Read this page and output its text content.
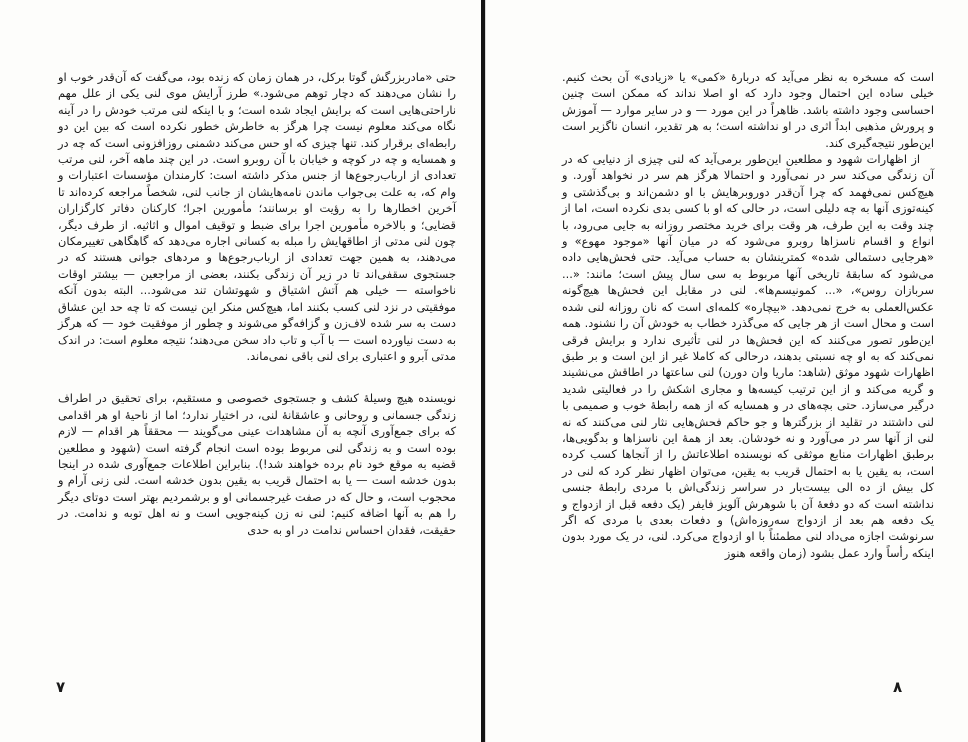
حتی «مادربزرگش گوتا برکل، در همان زمان که زنده بود، می‌گفت که آن‌قدر خوب او را نشان می‌دهند که دچار توهم می‌شود.» طرز آرایش موی لنی یکی از علل مهم ناراحتی‌هایی است که برایش ایجاد شده است؛ و با اینکه لنی مرتب خودش را در آینه نگاه می‌کند معلوم نیست چرا هرگز به خاطرش خطور نکرده است که بین این دو رابطه‌ای برقرار کند. تنها چیزی که او حس می‌کند دشمنی روزافزونی است که چه در و همسایه و چه در کوچه و خیابان با آن روبرو است. در این چند ماهه آخر، لنی مرتب تعدادی از ارباب‌رجوع‌ها از جنس مذکر داشته است: کارمندان مؤسسات اعتبارات و وام که، به علت بی‌جواب ماندن نامه‌هایشان از جانب لنی، شخصاً مراجعه کرده‌اند تا آخرین اخطارها را به رؤیت او برسانند؛ مأمورین اجرا؛ کارکنان دفاتر کارگزاران قضایی؛ و بالاخره مأمورین اجرا برای ضبط و توقیف اموال و اثاثیه. از طرف دیگر، چون لنی مدتی از اطاقهایش را مبله به کسانی اجاره می‌دهد که گاهگاهی تغییرمکان می‌دهند، به همین جهت تعدادی از ارباب‌رجوع‌ها و مردهای جوانی هستند که در جستجوی سقفی‌اند تا در زیر آن زندگی بکنند، بعضی از مراجعین — بیشتر اوقات ناخواسته — خیلی هم آتش اشتیاق و شهوتشان تند می‌شود... البته بدون آنکه موفقیتی در نزد لنی کسب بکنند اما، هیچ‌کس منکر این نیست که تا چه حد این عشاق دست به سر شده لاف‌زن و گزافه‌گو می‌شوند و چطور از موفقیت خود — که هرگز به دست نیاورده است — با آب و تاب داد سخن می‌دهند؛ نتیجه معلوم است: در اندک مدتی آبرو و اعتباری برای لنی باقی نمی‌ماند.

نویسنده هیچ وسیلهٔ کشف و جستجوی خصوصی و مستقیم، برای تحقیق در اطراف زندگی جسمانی و روحانی و عاشقانهٔ لنی، در اختیار ندارد؛ اما از ناحیهٔ او هر اقدامی که برای جمع‌آوری آنچه به آن مشاهدات عینی می‌گویند — محققاً هر اقدام — لازم بوده است و به زندگی لنی مربوط بوده است انجام گرفته است (شهود و مطلعین قضیه به موقع خود نام برده خواهند شد!). بنابراین اطلاعات جمع‌آوری شده در اینجا بدون خدشه است — یا به احتمال قریب به یقین بدون خدشه است. لنی زنی آرام و محجوب است، و حال که در صفت غیرجسمانی او و برشمردیم بهتر است دوتای دیگر را هم به آنها اضافه کنیم: لنی نه زن کینه‌جویی است و نه اهل توبه و ندامت. در حقیقت، فقدان احساس ندامت در او به حدی

۷

است که مسخره به نظر می‌آید که دربارهٔ «کمی» یا «زیادی» آن بحث کنیم. خیلی ساده این احتمال وجود دارد که او اصلا نداند که ممکن است چنین احساسی وجود داشته باشد. ظاهراً در این مورد — و در سایر موارد — آموزش و پرورش مذهبی ابداً اثری در او نداشته است؛ به هر تقدیر، انسان ناگزیر است این‌طور نتیجه‌گیری کند.

از اظهارات شهود و مطلعین این‌طور برمی‌آید که لنی چیزی از دنیایی که در آن زندگی می‌کند سر در نمی‌آورد و احتمالا هرگز هم سر در نخواهد آورد. و هیچ‌کس نمی‌فهمد که چرا آن‌قدر دوروبرهایش با او دشمن‌اند و بی‌گذشتی و کینه‌توزی آنها به چه دلیلی است، در حالی که او با کسی بدی نکرده است، اما از چند وقت به این طرف، هر وقت برای خرید مختصر روزانه به جایی می‌رود، با انواع و اقسام ناسزاها روبرو می‌شود که در میان آنها «موجود مهوع» و «هرجایی دستمالی شده» کمترینشان به حساب می‌آید. حتی فحش‌هایی داده می‌شود که سابقهٔ تاریخی آنها مربوط به سی سال پیش است؛ مانند: «... سربازان روس»، «... کمونیسم‌ها». لنی در مقابل این فحش‌ها هیچ‌گونه عکس‌العملی به خرج نمی‌دهد. «بیچاره» کلمه‌ای است که نان روزانه لنی شده است و محال است از هر جایی که می‌گذرد خطاب به خودش آن را نشنود. همه این‌طور تصور می‌کنند که این فحش‌ها در لنی تأثیری ندارد و برایش فرقی نمی‌کند که به او چه نسبتی بدهند، درحالی که کاملا غیر از این است و بر طبق اظهارات شهود موثق (شاهد: ماریا وان دورن) لنی ساعتها در اطاقش می‌نشیند و گریه می‌کند و از این ترتیب کیسه‌ها و مجاری اشکش را در فعالیتی شدید درگیر می‌سازد. حتی بچه‌های در و همسایه که از همه رابطهٔ خوب و صمیمی با لنی داشتند در تقلید از بزرگترها و جو حاکم فحش‌هایی نثار لنی می‌کنند که نه لنی از آنها سر در می‌آورد و نه خودشان. بعد از همهٔ این ناسزاها و بدگویی‌ها، برطبق اظهارات منابع موثقی که نویسنده اطلاعاتش را از آنجاها کسب کرده است، به یقین یا به احتمال قریب به یقین، می‌توان اظهار نظر کرد که لنی در کل بیش از ده الی بیست‌بار در سراسر زندگی‌اش با مردی رابطهٔ جنسی نداشته است که دو دفعهٔ آن با شوهرش آلویز فایفر (یک دفعه قبل از ازدواج و یک دفعه هم بعد از ازدواج سه‌روزه‌اش) و دفعات بعدی با مردی که اگر سرنوشت اجازه می‌داد لنی مطمئناً با او ازدواج می‌کرد. لنی، در یک مورد بدون اینکه رأساً وارد عمل بشود (زمان واقعه هنوز

۸
